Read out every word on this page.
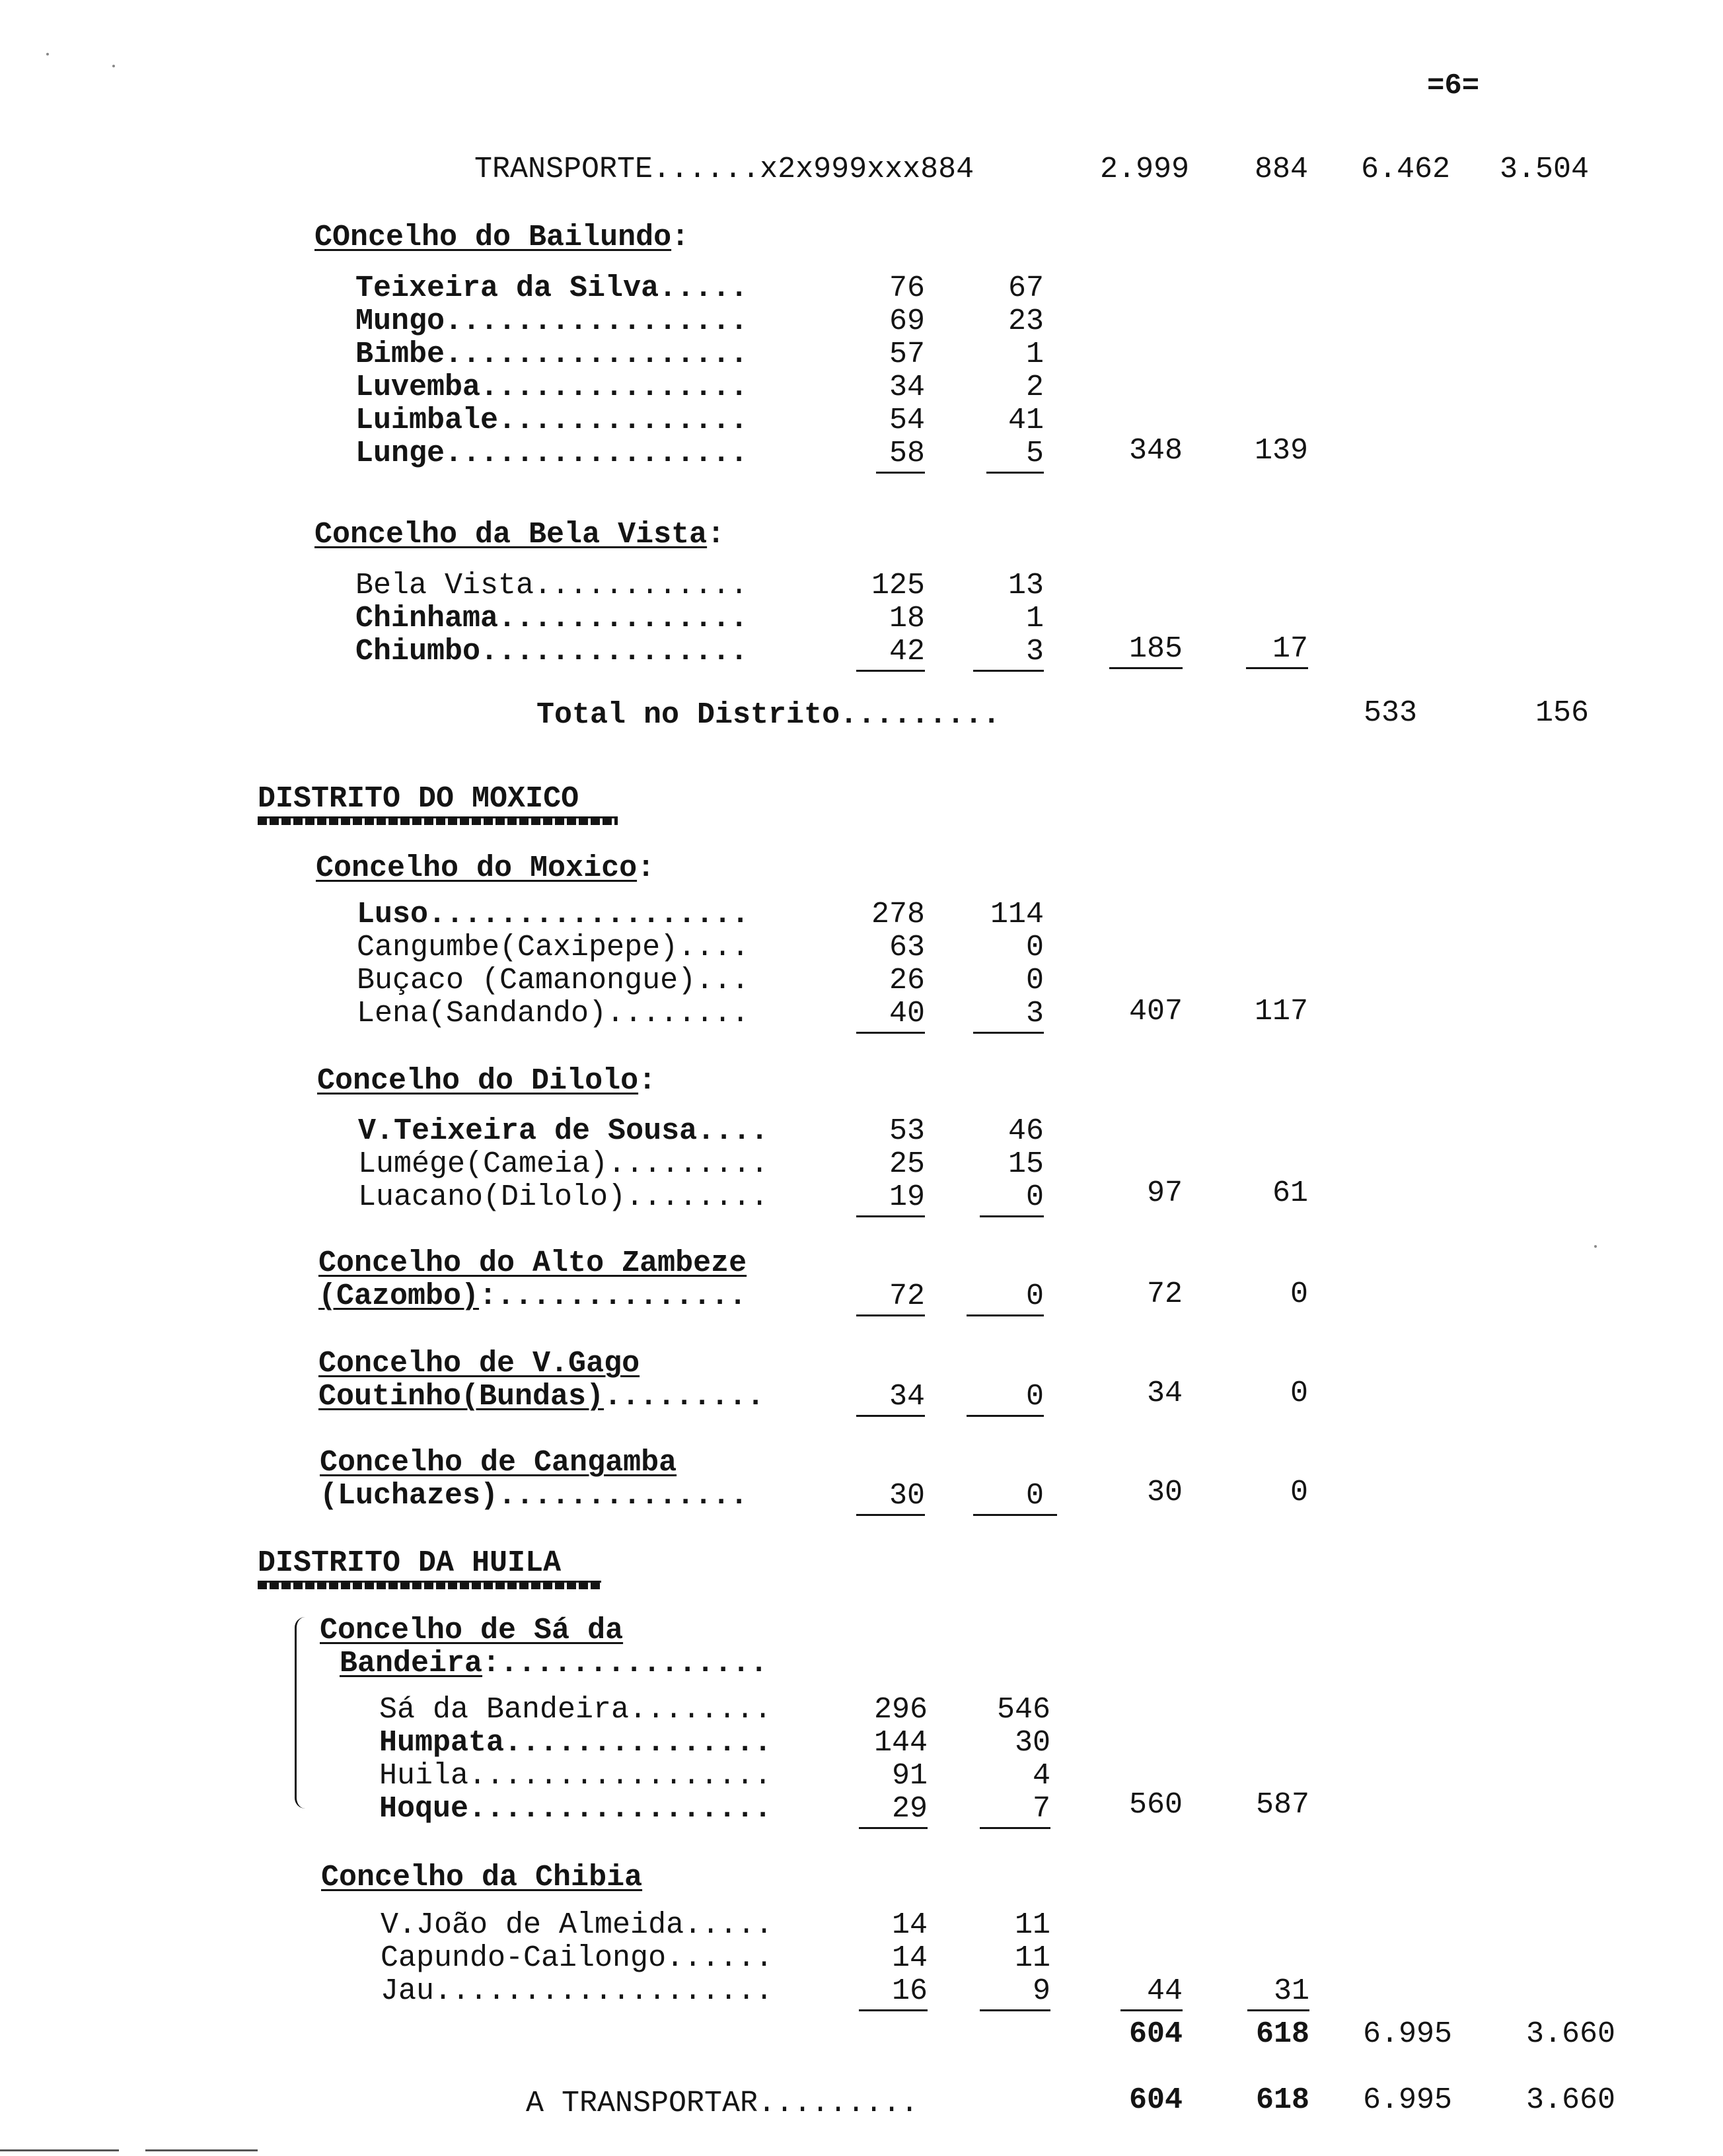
=6=
TRANSPORTE......x2x999xxx884	2.999	884	6.462	3.504
COncelho do Bailundo:
Teixeira da Silva.....	76	67
Mungo.................	69	23
Bimbe.................	57	1
Luvemba...............	34	2
Luimbale..............	54	41
Lunge.................	58	5	348	139
Concelho da Bela Vista:
Bela Vista............	125	13
Chinhama..............	18	1
Chiumbo...............	42	3	185	17
Total no Distrito.........	533	156
DISTRITO DO MOXICO
Concelho do Moxico:
Luso..................	278	114
Cangumbe(Caxipepe)....	63	0
Buçaco (Camanongue)...	26	0
Lena(Sandando)........	40	3	407	117
Concelho do Dilolo:
V.Teixeira de Sousa....	53	46
Lumége(Cameia).........	25	15
Luacano(Dilolo)........	19	0	97	61
Concelho do Alto Zambeze
(Cazombo):..............	72	0	72	0
Concelho de V.Gago
Coutinho(Bundas).........	34	0	34	0
Concelho de Cangamba
(Luchazes)..............	30	0	30	0
DISTRITO DA HUILA
Concelho de Sá da
Bandeira:...............
Sá da Bandeira........	296	546
Humpata...............	144	30
Huila.................	91	4
Hoque.................	29	7	560	587
Concelho da Chibia
V.João de Almeida.....	14	11
Capundo-Cailongo......	14	11
Jau...................	16	9	44	31
604	618	6.995	3.660
A TRANSPORTAR.........	604	618	6.995	3.660
